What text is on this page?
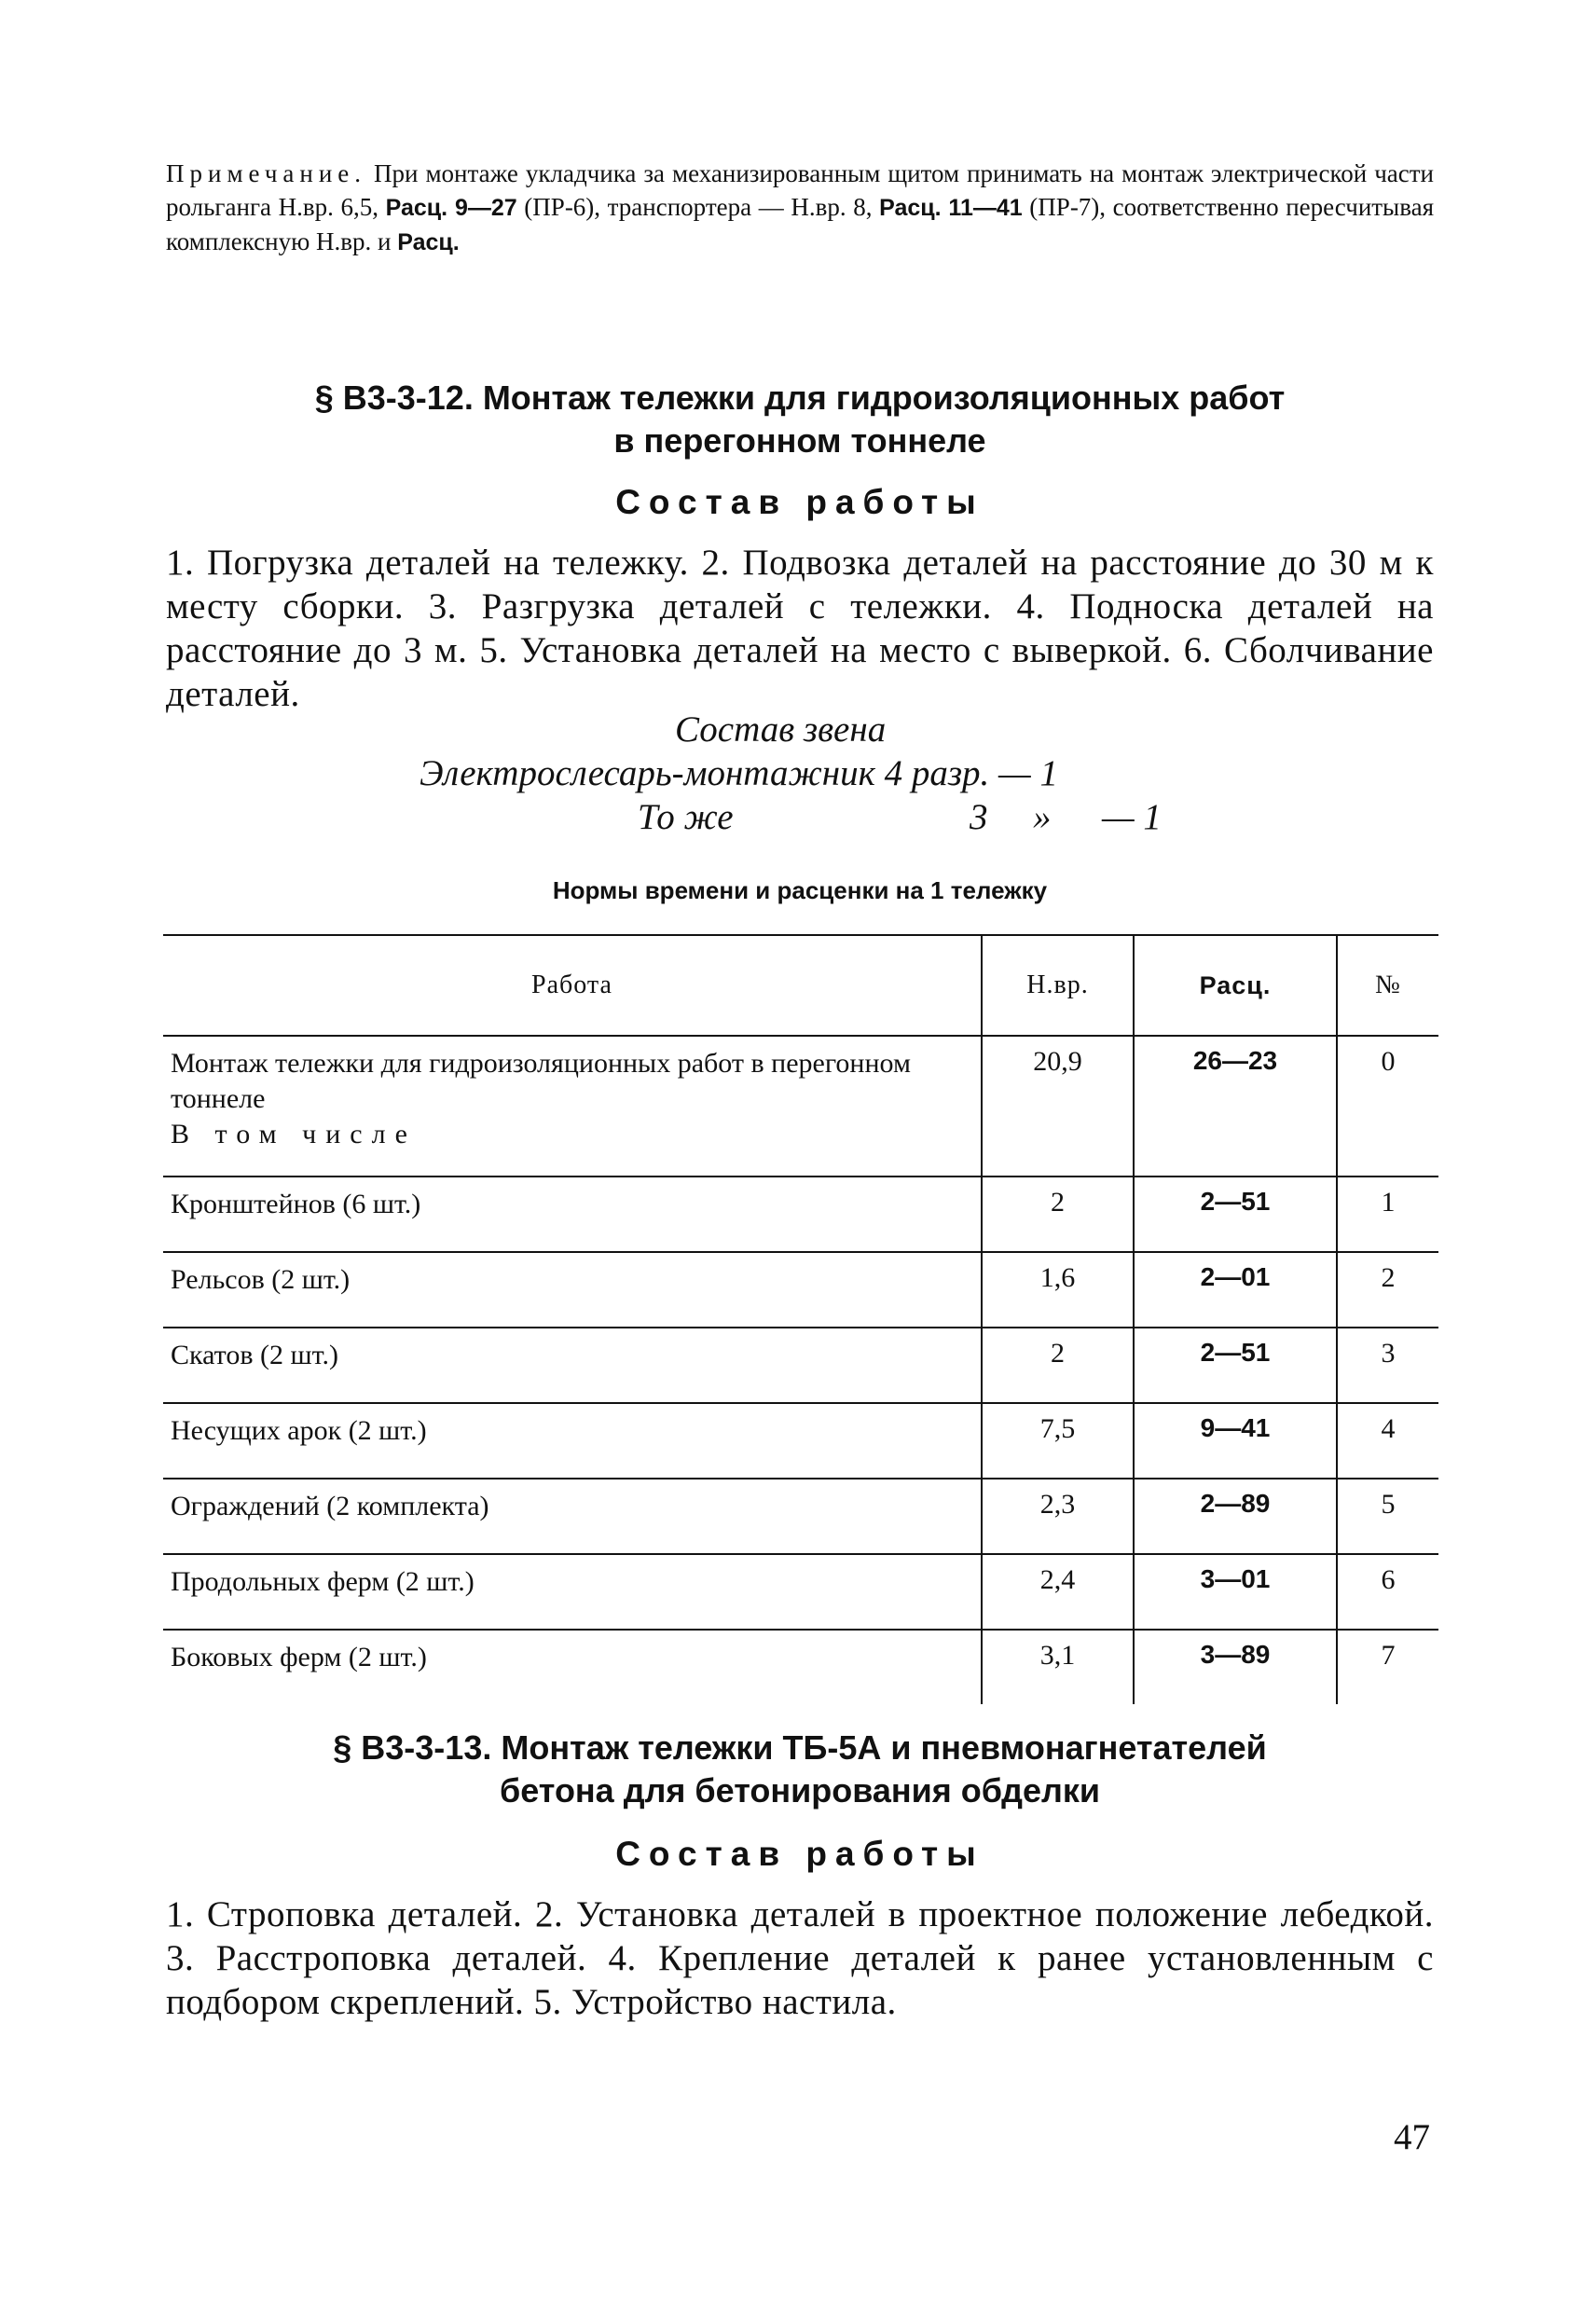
Примечание. При монтаже укладчика за механизированным щитом принимать на монтаж электрической части рольганга Н.вр. 6,5, Расц. 9—27 (ПР-6), транспортера — Н.вр. 8, Расц. 11—41 (ПР-7), соответственно пересчитывая комплексную Н.вр. и Расц.
§ В3-3-12. Монтаж тележки для гидроизоляционных работ
в перегонном тоннеле
Состав работы
1. Погрузка деталей на тележку. 2. Подвозка деталей на расстояние до 30 м к месту сборки. 3. Разгрузка деталей с тележки. 4. Подноска деталей на расстояние до 3 м. 5. Установка деталей на место с выверкой. 6. Сболчивание деталей.
Состав звена
Электрослесарь-монтажник 4 разр. — 1
То же	3 » — 1
Нормы времени и расценки на 1 тележку
Работа	Н.вр.	Расц.	№
Монтаж тележки для гидроизоляционных работ в перегонном тоннеле
В том числе	20,9	26—23	0
Кронштейнов (6 шт.)	2	2—51	1
Рельсов (2 шт.)	1,6	2—01	2
Скатов (2 шт.)	2	2—51	3
Несущих арок (2 шт.)	7,5	9—41	4
Ограждений (2 комплекта)	2,3	2—89	5
Продольных ферм (2 шт.)	2,4	3—01	6
Боковых ферм (2 шт.)	3,1	3—89	7
§ В3-3-13. Монтаж тележки ТБ-5А и пневмонагнетателей
бетона для бетонирования обделки
Состав работы
1. Строповка деталей. 2. Установка деталей в проектное положение лебедкой. 3. Расстроповка деталей. 4. Крепление деталей к ранее установленным с подбором скреплений. 5. Устройство настила.
47
